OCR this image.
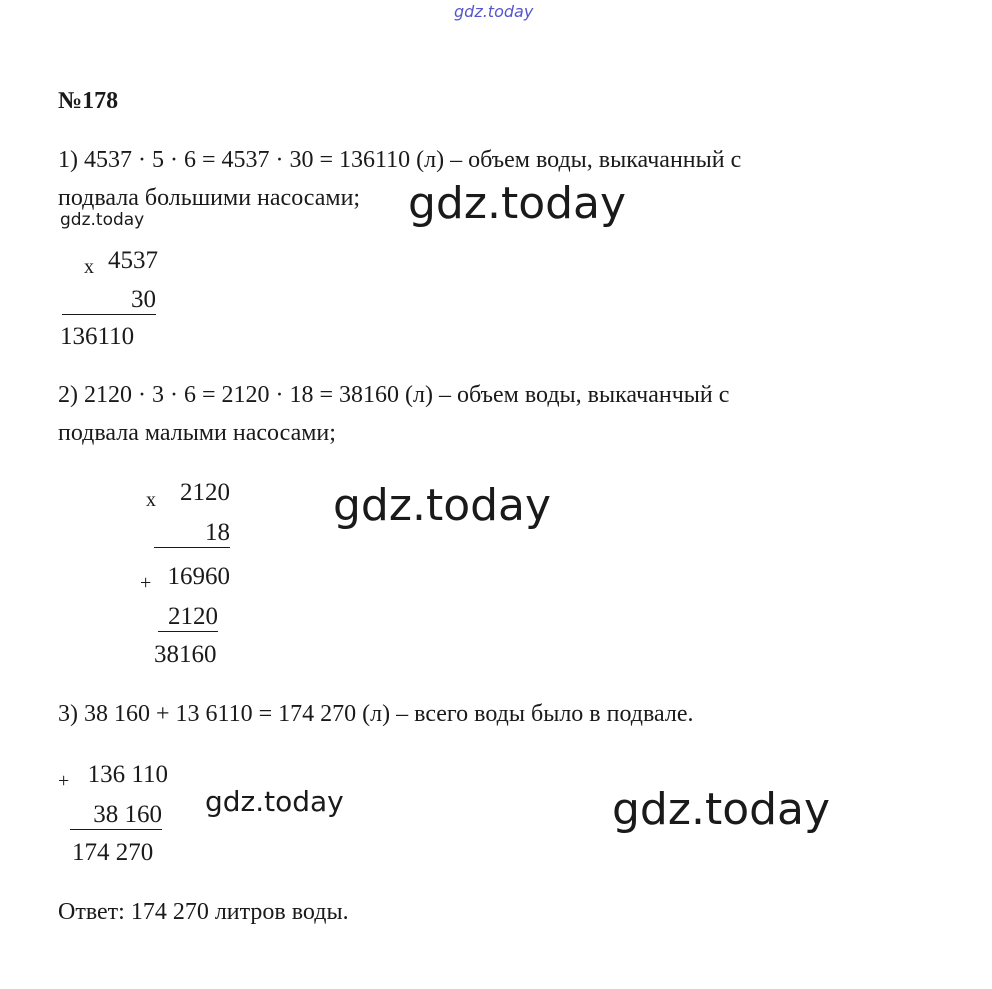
gdz.today
№178
1) 4537 · 5 · 6 = 4537 · 30 = 136110 (л) – объем воды, выкачанный с
подвала большими насосами;
gdz.today	gdz.today
x 4537
30
136110
2) 2120 · 3 · 6 = 2120 · 18 = 38160 (л) – объем воды, выкачанчый с
подвала малыми насосами;
gdz.today
x 2120
18
+ 16960
2120
38160
3) 38 160 + 13 6110 = 174 270 (л) – всего воды было в подвале.
+ 136 110
38 160
174 270
gdz.today	gdz.today
Ответ: 174 270 литров воды.
